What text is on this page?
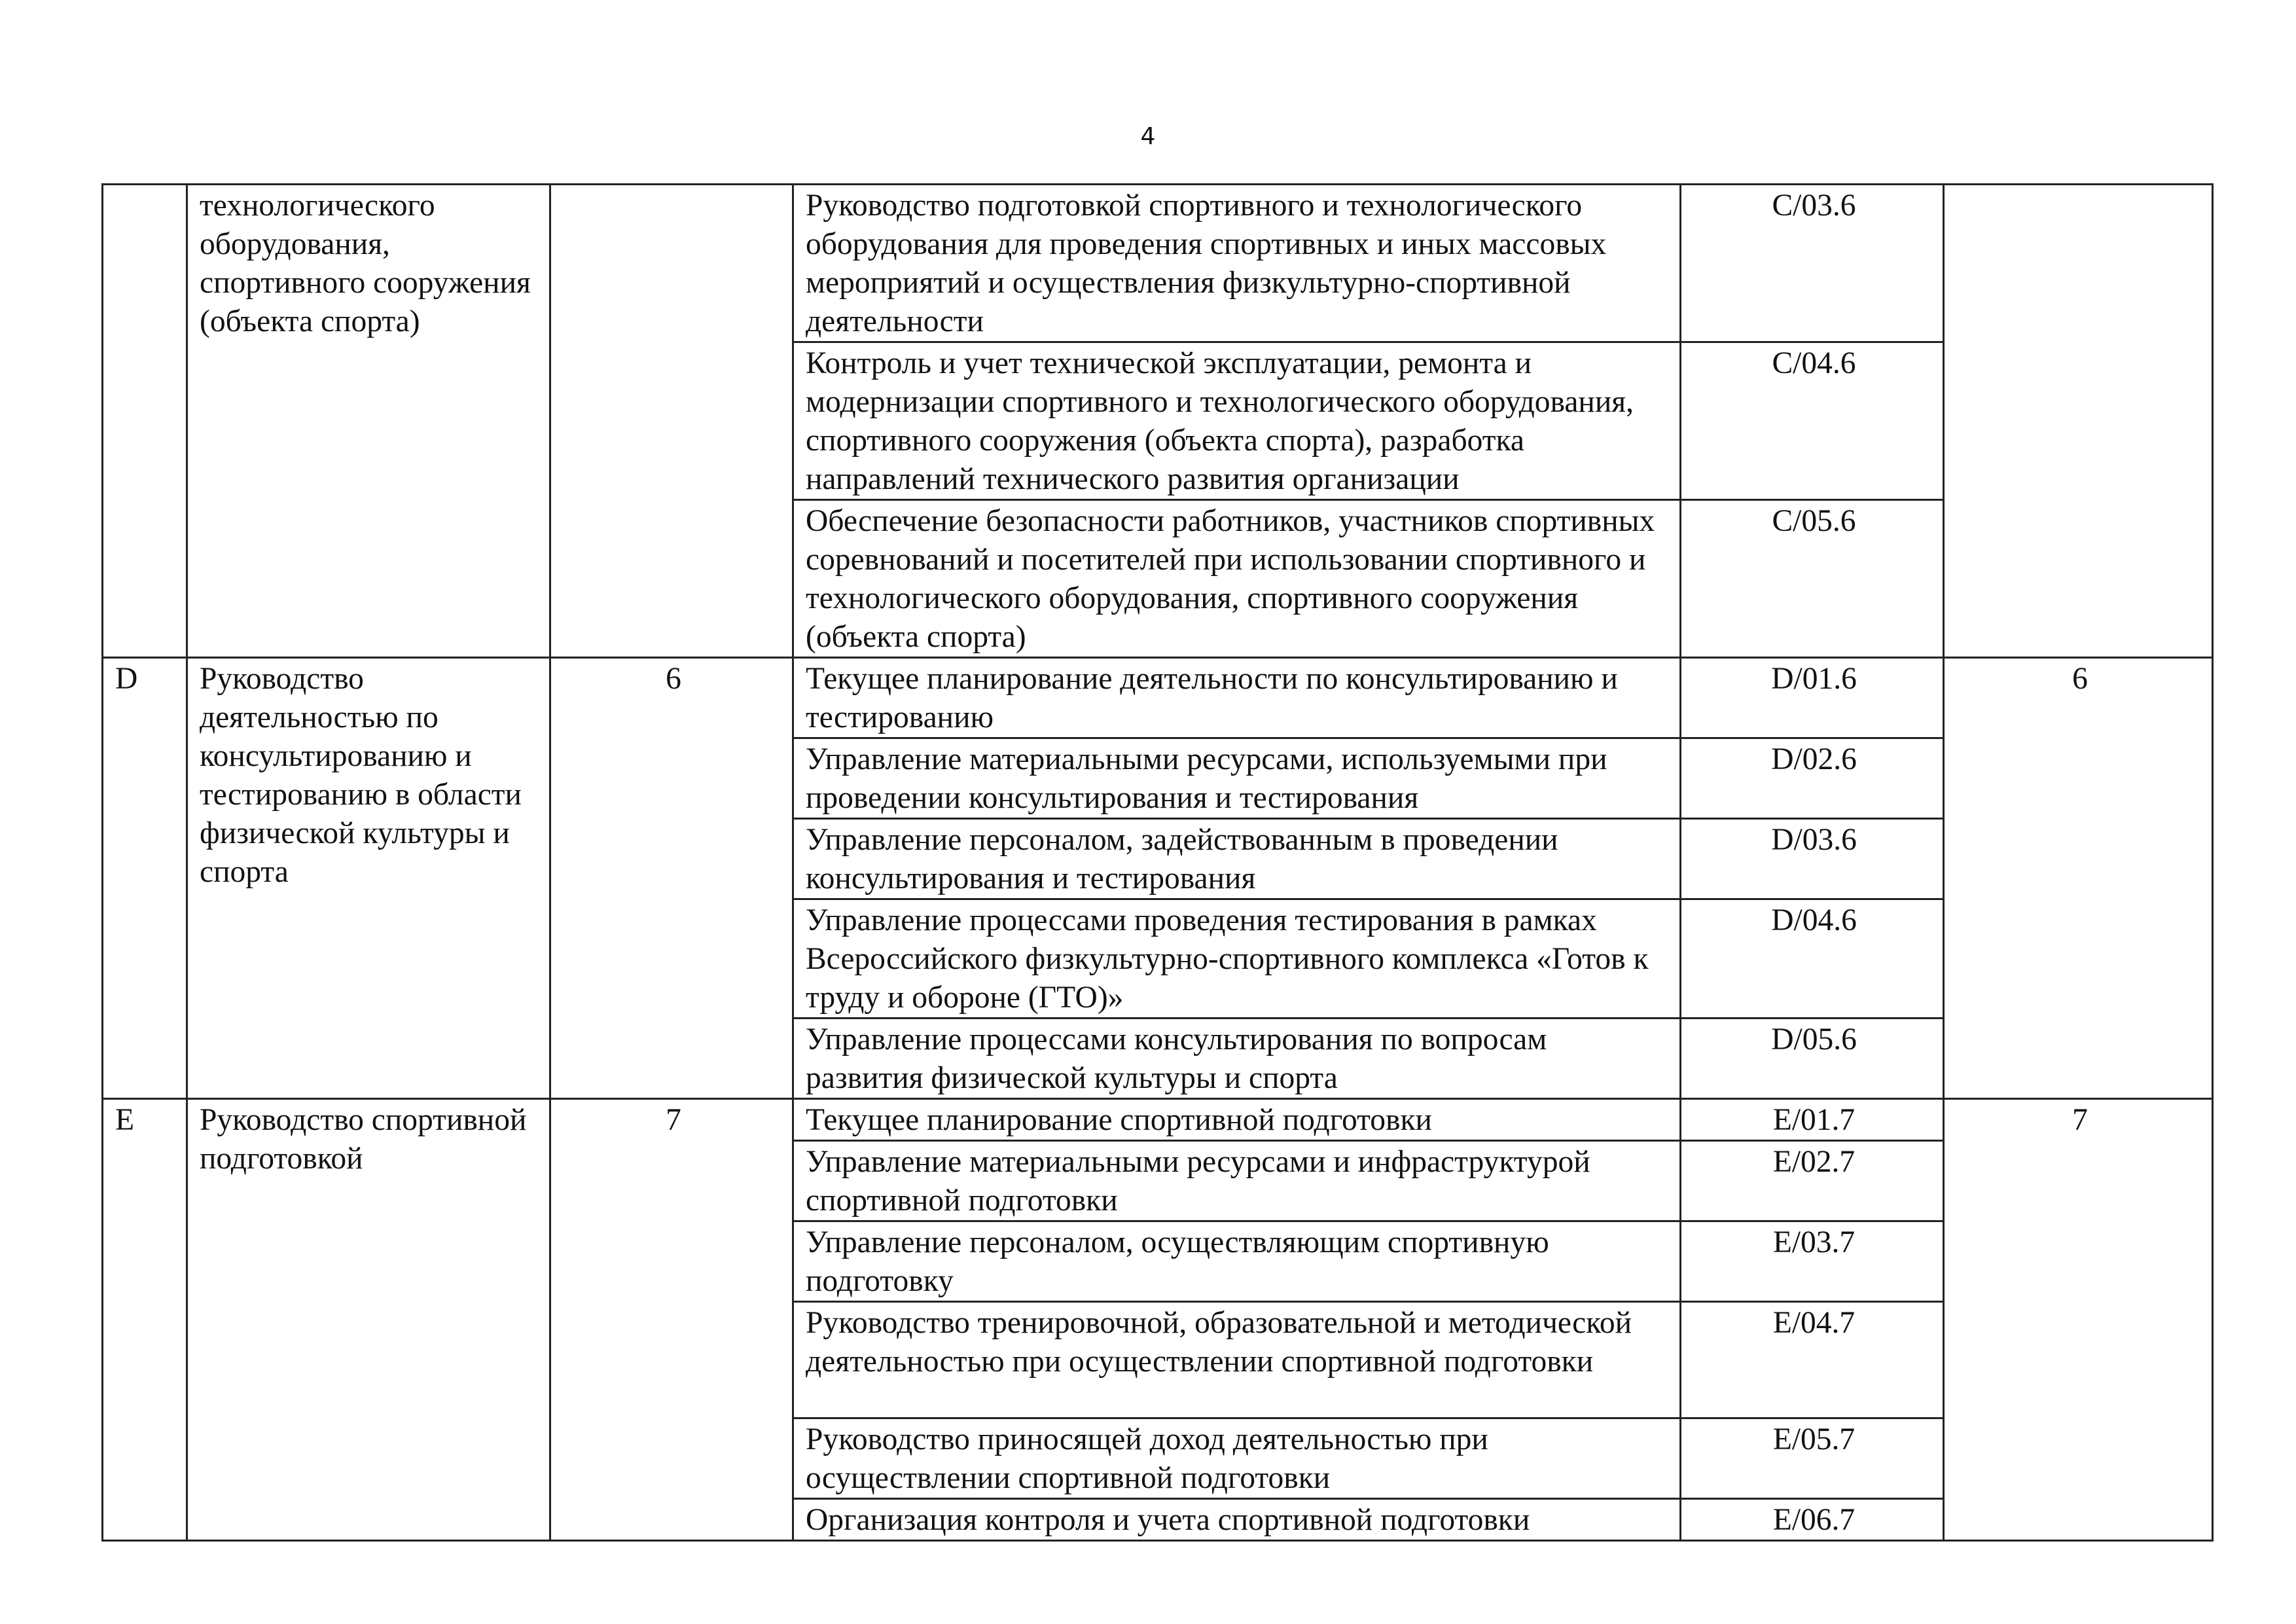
4
	технологического оборудования, спортивного сооружения (объекта спорта)		Руководство подготовкой спортивного и технологического оборудования для проведения спортивных и иных массовых мероприятий и осуществления физкультурно-спортивной деятельности	C/03.6	
			Контроль и учет технической эксплуатации, ремонта и модернизации спортивного и технологического оборудования, спортивного сооружения (объекта спорта), разработка направлений технического развития организации	C/04.6	
			Обеспечение безопасности работников, участников спортивных соревнований и посетителей при использовании спортивного и технологического оборудования, спортивного сооружения (объекта спорта)	C/05.6	
D	Руководство деятельностью по консультированию и тестированию в области физической культуры и спорта	6	Текущее планирование деятельности по консультированию и тестированию	D/01.6	6
			Управление материальными ресурсами, используемыми при проведении консультирования и тестирования	D/02.6	
			Управление персоналом, задействованным в проведении консультирования и тестирования	D/03.6	
			Управление процессами проведения тестирования в рамках Всероссийского физкультурно-спортивного комплекса «Готов к труду и обороне (ГТО)»	D/04.6	
			Управление процессами консультирования по вопросам развития физической культуры и спорта	D/05.6	
E	Руководство спортивной подготовкой	7	Текущее планирование спортивной подготовки	E/01.7	7
			Управление материальными ресурсами и инфраструктурой спортивной подготовки	E/02.7	
			Управление персоналом, осуществляющим спортивную подготовку	E/03.7	
			Руководство тренировочной, образовательной и методической деятельностью при осуществлении спортивной подготовки	E/04.7	
			Руководство приносящей доход деятельностью при осуществлении спортивной подготовки	E/05.7	
			Организация контроля и учета спортивной подготовки	E/06.7	
